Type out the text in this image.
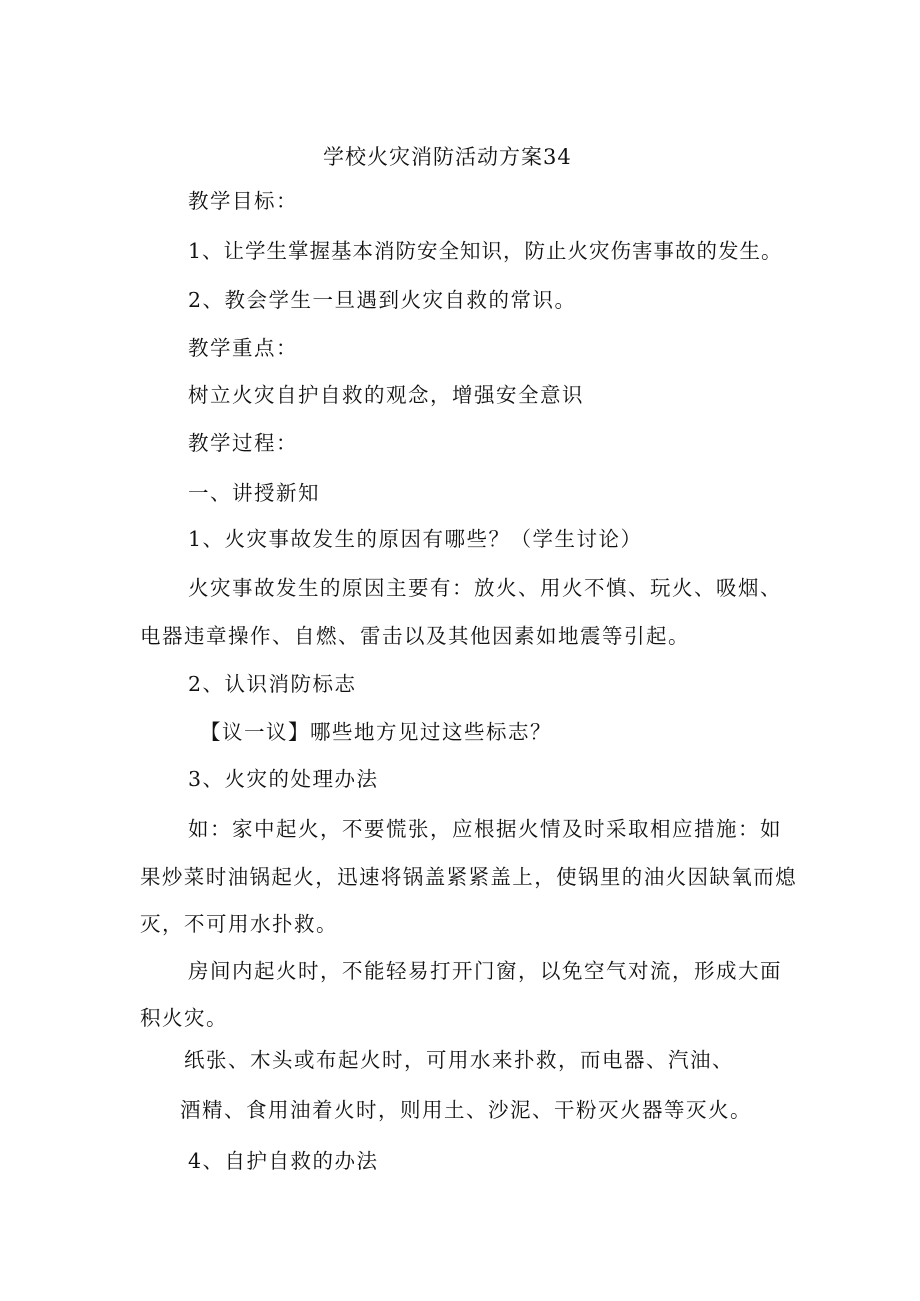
学校火灾消防活动方案34

教学目标：

1、让学生掌握基本消防安全知识，防止火灾伤害事故的发生。

2、教会学生一旦遇到火灾自救的常识。

教学重点：

树立火灾自护自救的观念，增强安全意识

教学过程：

一、讲授新知

1、火灾事故发生的原因有哪些？（学生讨论）

火灾事故发生的原因主要有：放火、用火不慎、玩火、吸烟、

电器违章操作、自燃、雷击以及其他因素如地震等引起。

2、认识消防标志

【议一议】哪些地方见过这些标志？

3、火灾的处理办法

如：家中起火，不要慌张，应根据火情及时采取相应措施：如

果炒菜时油锅起火，迅速将锅盖紧紧盖上，使锅里的油火因缺氧而熄

灭，不可用水扑救。

房间内起火时，不能轻易打开门窗，以免空气对流，形成大面

积火灾。

纸张、木头或布起火时，可用水来扑救，而电器、汽油、

酒精、食用油着火时，则用土、沙泥、干粉灭火器等灭火。

4、自护自救的办法
